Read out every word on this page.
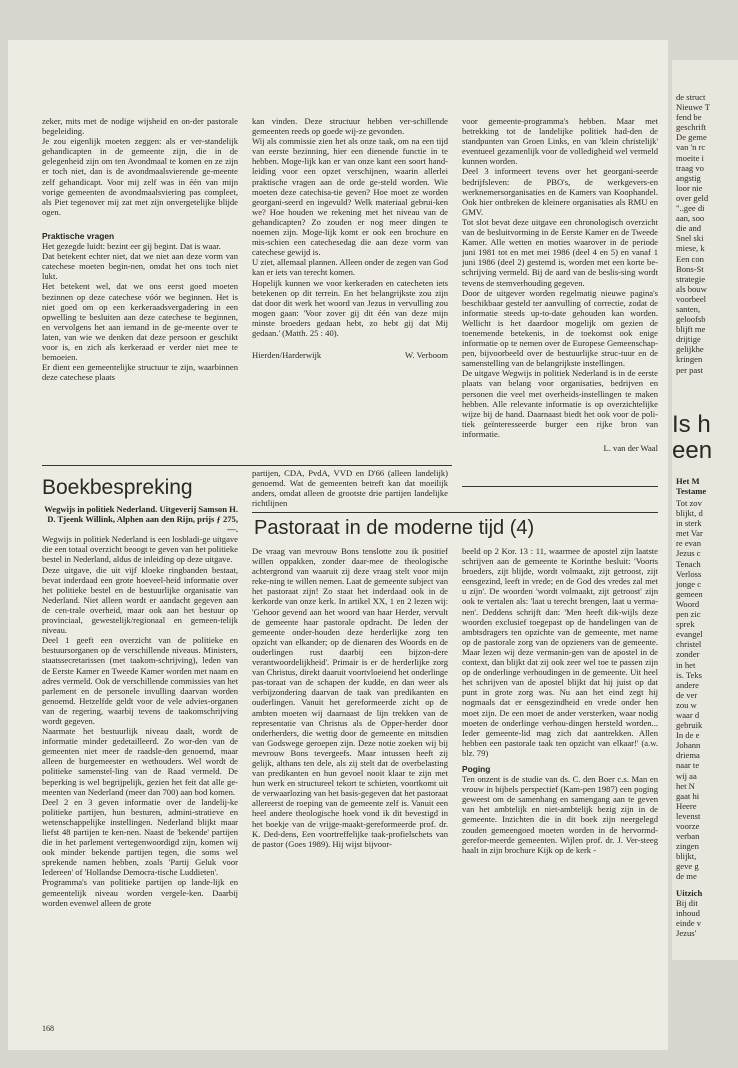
zeker, mits met de nodige wijsheid en on-der pastorale begeleiding.

Je zou eigenlijk moeten zeggen: als er ver-standelijk gehandicapten in de gemeente zijn, die in de gelegenheid zijn om ten Avondmaal te komen en ze zijn er toch niet, dan is de avondmaalsvierende ge-meente zelf gehandicapt. Voor mij zelf was in één van mijn vorige gemeenten de avondmaalsviering pas compleet, als Piet tegenover mij zat met zijn onvergetelijke blijde ogen.

Praktische vragen

Het gezegde luidt: bezint eer gij begint. Dat is waar.

Dat betekent echter niet, dat we niet aan deze vorm van catechese moeten begin-nen, omdat het ons toch niet lukt.

Het betekent wel, dat we ons eerst goed moeten bezinnen op deze catechese vóór we beginnen. Het is niet goed om op een kerkeraadsvergadering in een opwelling te besluiten aan deze catechese te beginnen, en vervolgens het aan iemand in de ge-meente over te laten, van wie we denken dat deze persoon er geschikt voor is, en zich als kerkeraad er verder niet mee te bemoeien.

Er dient een gemeentelijke structuur te zijn, waarbinnen deze catechese plaats

kan vinden. Deze structuur hebben ver-schillende gemeenten reeds op goede wij-ze gevonden.

Wij als commissie zien het als onze taak, om na een tijd van eerste bezinning, hier een dienende functie in te hebben. Moge-lijk kan er van onze kant een soort hand-leiding voor een opzet verschijnen, waarin allerlei praktische vragen aan de orde ge-steld worden. Wie moeten deze catechisa-tie geven? Hoe moet ze worden georgani-seerd en ingevuld? Welk materiaal gebrui-ken we? Hoe houden we rekening met het niveau van de gehandicapten? Zo zouden er nog meer dingen te noemen zijn. Moge-lijk komt er ook een brochure en mis-schien een catechesedag die aan deze vorm van catechese gewijd is.

U ziet, allemaal plannen. Alleen onder de zegen van God kan er iets van terecht komen.

Hopelijk kunnen we voor kerkeraden en catecheten iets betekenen op dit terrein. En het belangrijkste zou zijn dat door dit werk het woord van Jezus in vervulling zou mogen gaan: 'Voor zover gij dit één van deze mijn minste broeders gedaan hebt, zo hebt gij dat Mij gedaan.' (Matth. 25 : 40).

Hierden/Harderwijk	W. Verboom

voor gemeente-programma's hebben. Maar met betrekking tot de landelijke politiek had-den de standpunten van Groen Links, en van 'klein christelijk' eventueel gezamenlijk voor de volledigheid wel vermeld kunnen worden.

Deel 3 informeert tevens over het georgani-seerde bedrijfsleven: de PBO's, de werkgevers-en werknemersorganisaties en de Kamers van Koophandel. Ook hier ontbreken de kleinere organisaties als RMU en GMV.

Tot slot bevat deze uitgave een chronologisch overzicht van de besluitvorming in de Eerste Kamer en de Tweede Kamer. Alle wetten en moties waarover in de periode juni 1981 tot en met mei 1986 (deel 4 en 5) en vanaf 1 juni 1986 (deel 2) gestemd is, worden met een korte be-schrijving vermeld. Bij de aard van de beslis-sing wordt tevens de stemverhouding gegeven.

Door de uitgever worden regelmatig nieuwe pagina's beschikbaar gesteld ter aanvulling of correctie, zodat de informatie steeds up-to-date gehouden kan worden. Wellicht is het daardoor mogelijk om gezien de toenemende betekenis, in de toekomst ook enige informatie op te nemen over de Europese Gemeenschap-pen, bijvoorbeeld over de bestuurlijke struc-tuur en de samenstelling van de belangrijkste instellingen.

De uitgave Wegwijs in politiek Nederland is in de eerste plaats van belang voor organisaties, bedrijven en personen die veel met overheids-instellingen te maken hebben. Alle relevante informatie is op overzichtelijke wijze bij de hand. Daarnaast biedt het ook voor de poli-tiek geïnteresseerde burger een rijke bron van informatie.

L. van der Waal

Boekbespreking

partijen, CDA, PvdA, VVD en D'66 (alleen landelijk) genoemd. Wat de gemeenten betreft kan dat moeilijk anders, omdat alleen de grootste drie partijen landelijke richtlijnen

Wegwijs in politiek Nederland. Uitgeverij Samson H. D. Tjeenk Willink, Alphen aan den Rijn, prijs ƒ 275,—.

Wegwijs in politiek Nederland is een losbladi-ge uitgave die een totaal overzicht beoogt te geven van het politieke bestel in Nederland, aldus de inleiding op deze uitgave.

Deze uitgave, die uit vijf kloeke ringbanden bestaat, bevat inderdaad een grote hoeveel-heid informatie over het politieke bestel en de bestuurlijke organisatie van Nederland. Niet alleen wordt er aandacht gegeven aan de cen-trale overheid, maar ook aan het bestuur op provinciaal, gewestelijk/regionaal en gemeen-telijk niveau.

Deel 1 geeft een overzicht van de politieke en bestuursorganen op de verschillende niveaus. Ministers, staatssecretarissen (met taakom-schrijving), leden van de Eerste Kamer en Tweede Kamer worden met naam en adres vermeld. Ook de verschillende commissies van het parlement en de personele invulling daarvan worden genoemd. Hetzelfde geldt voor de vele advies-organen van de regering, waarbij tevens de taakomschrijving wordt gegeven.

Naarmate het bestuurlijk niveau daalt, wordt de informatie minder gedetailleerd. Zo wor-den van de gemeenten niet meer de raadsle-den genoemd, maar alleen de burgemeester en wethouders. Wel wordt de politieke samenstel-ling van de Raad vermeld. De beperking is wel begrijpelijk, gezien het feit dat alle ge-meenten van Nederland (meer dan 700) aan bod komen.

Deel 2 en 3 geven informatie over de landelij-ke politieke partijen, hun besturen, admini-stratieve en wetenschappelijke instellingen. Nederland blijkt maar liefst 48 partijen te ken-nen. Naast de 'bekende' partijen die in het parlement vertegenwoordigd zijn, komen wij ook minder bekende partijen tegen, die soms wel sprekende namen hebben, zoals 'Partij Geluk voor Iedereen' of 'Hollandse Democra-tische Luddieten'.

Programma's van politieke partijen op lande-lijk en gemeentelijk niveau worden vergele-ken. Daarbij worden evenwel alleen de grote

Pastoraat in de moderne tijd (4)

De vraag van mevrouw Bons tenslotte zou ik positief willen oppakken, zonder daar-mee de theologische achtergrond van waaruit zij deze vraag stelt voor mijn reke-ning te willen nemen. Laat de gemeente subject van het pastoraat zijn! Zo staat het inderdaad ook in de kerkorde van onze kerk. In artikel XX, 1 en 2 lezen wij: 'Gehoor gevend aan het woord van haar Herder, vervult de gemeente haar pastorale opdracht. De leden der gemeente onder-houden deze herderlijke zorg ten opzicht van elkander; op de dienaren des Woords en de ouderlingen rust daarbij een bijzon-dere verantwoordelijkheid'. Primair is er de herderlijke zorg van Christus, direkt daaruit voortvloeiend het onderlinge pas-toraat van de schapen der kudde, en dan weer als verbijzondering daarvan de taak van predikanten en ouderlingen. Vanuit het gereformeerde zicht op de ambten moeten wij daarnaast de lijn trekken van de representatie van Christus als de Opper-herder door onderherders, die wettig door de gemeente en mitsdien van Godswege geroepen zijn. Deze notie zoeken wij bij mevrouw Bons tevergeefs. Maar intussen heeft zij gelijk, althans ten dele, als zij stelt dat de overbelasting van predikanten en hun gevoel nooit klaar te zijn met hun werk en structureel tekort te schieten, voortkomt uit de verwaarlozing van het basis-gegeven dat het pastoraat allereerst de roeping van de gemeente zelf is. Vanuit een heel andere theologische hoek vond ik dit bevestigd in het boekje van de vrijge-maakt-gereformeerde prof. dr. K. Ded-dens, Een voortreffelijke taak-profielschets van de pastor (Goes 1989). Hij wijst bijvoor-

beeld op 2 Kor. 13 : 11, waarmee de apostel zijn laatste schrijven aan de gemeente te Korinthe besluit: 'Voorts broeders, zijt blijde, wordt volmaakt, zijt getroost, zijt eensgezind, leeft in vrede; en de God des vredes zal met u zijn'. De woorden 'wordt volmaakt, zijt getroost' zijn ook te vertalen als: 'laat u terecht brengen, laat u verma-nen'. Deddens schrijft dan: 'Men heeft dik-wijls deze woorden exclusief toegepast op de handelingen van de ambtsdragers ten opzichte van de gemeente, met name op de pastorale zorg van de opzieners van de gemeente. Maar lezen wij deze vermanin-gen van de apostel in de context, dan blijkt dat zij ook zeer wel toe te passen zijn op de onderlinge verhoudingen in de gemeente. Uit heel het schrijven van de apostel blijkt dat hij juist op dat punt in grote zorg was. Nu aan het eind zegt hij nogmaals dat er eensgezindheid en vrede onder hen moet zijn. De een moet de ander versterken, waar nodig moeten de onderlinge verhou-dingen hersteld worden... Ieder gemeente-lid mag zich dat aantrekken. Allen hebben een pastorale taak ten opzicht van elkaar!' (a.w. blz. 79)

Poging

Ten onzent is de studie van ds. C. den Boer c.s. Man en vrouw in bijbels perspectief (Kam-pen 1987) een poging geweest om de samenhang en samengang aan te geven van het ambtelijk en niet-ambtelijk bezig zijn in de gemeente. Inzichten die in dit boek zijn neergelegd zouden gemeengoed moeten worden in de hervormd-gerefor-meerde gemeenten. Wijlen prof. dr. J. Ver-steeg haalt in zijn brochure Kijk op de kerk -

168
de struct
Nieuwe T
fend be
geschrift
De geme
van 'n rc
moeite i
traag vo
angstig
loor nie
over geld
"..gee di
aan, soo
die and
Snel ski
miese, k
Een con
Bons-St
strategie
als bouw
voorbeel
santen,
geloofsb
blijft me
drijtige
gelijkhe
kringen
per past
Is h
een
Het M
Testame
Tot zov
blijkt, d
in sterk
met Var
re evan
Jezus c
Tenach
Verloss
jonge c
gemeen
Woord
pen zic
sprek
evangel
christel
zonder
in het
is. Teks
andere
de ver
zou w
waar d
gebruik
In de e
Johann
driema
naar te
wij aa
het N
gaat hi
Heere
levenst
voorze
verban
zingen
blijkt,
geve g
de me
Uitzich
Bij dit
inhoud
einde v
Jezus'
